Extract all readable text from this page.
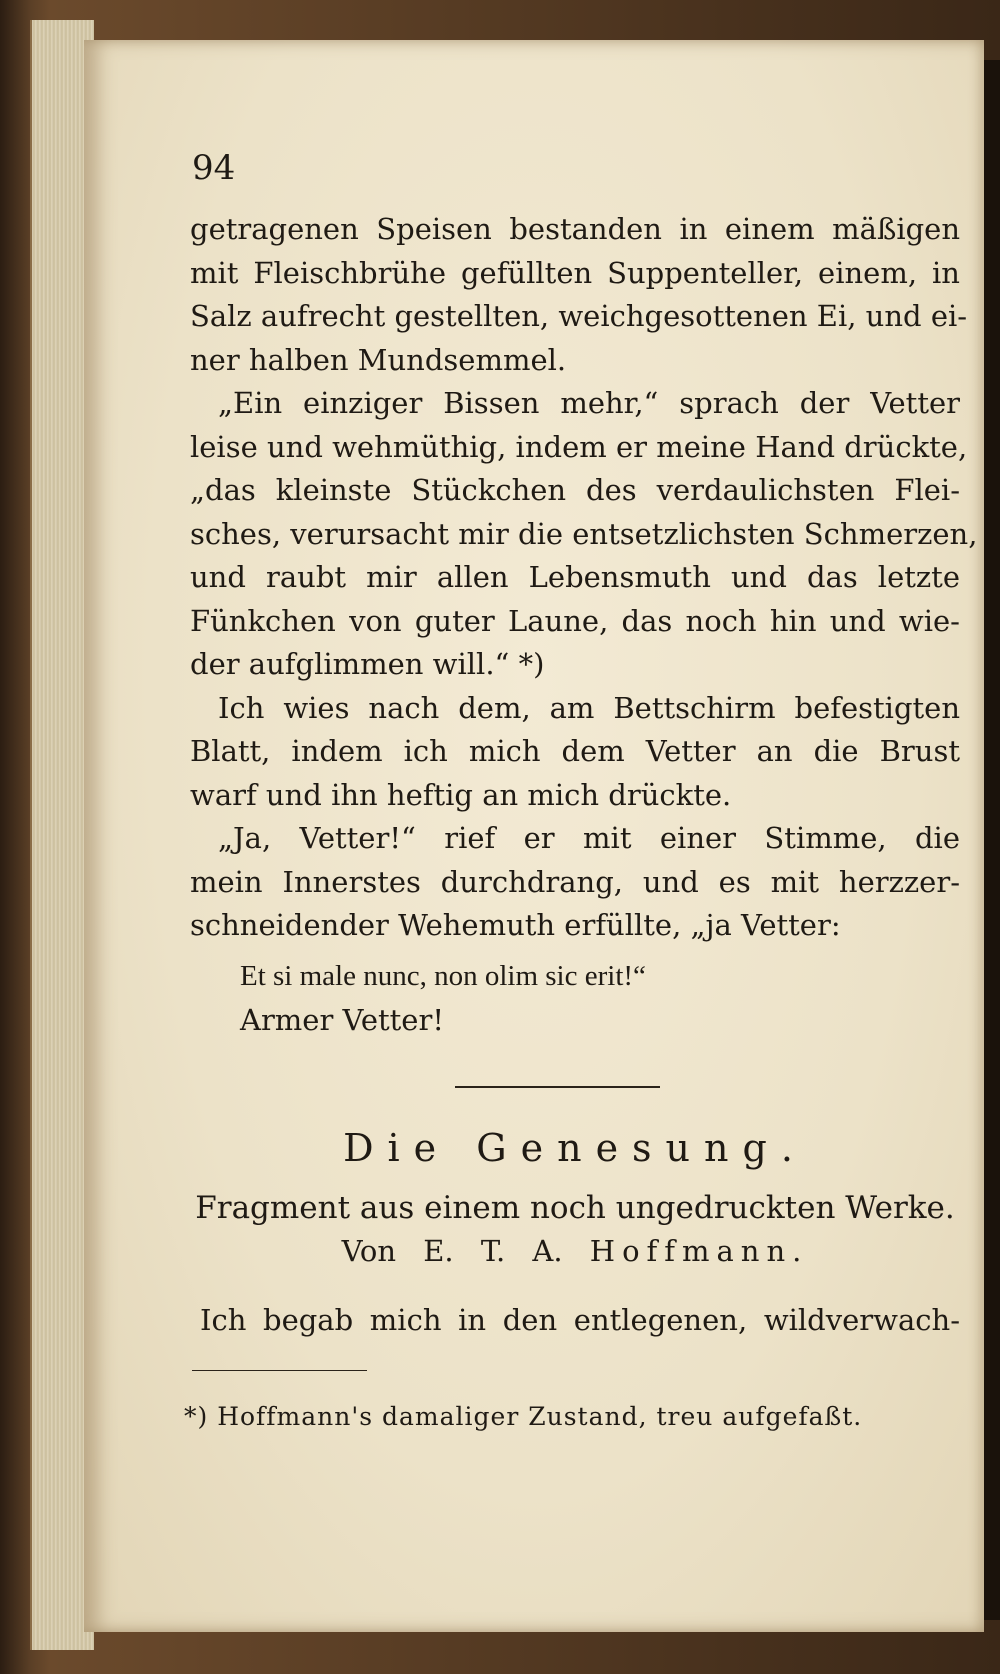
94
getragenen Speisen bestanden in einem mäßigen
mit Fleischbrühe gefüllten Suppenteller, einem, in
Salz aufrecht gestellten, weichgesottenen Ei, und ei-
ner halben Mundsemmel.
„Ein einziger Bissen mehr,“ sprach der Vetter
leise und wehmüthig, indem er meine Hand drückte,
„das kleinste Stückchen des verdaulichsten Flei-
sches, verursacht mir die entsetzlichsten Schmerzen,
und raubt mir allen Lebensmuth und das letzte
Fünkchen von guter Laune, das noch hin und wie-
der aufglimmen will.“ *)
Ich wies nach dem, am Bettschirm befestigten
Blatt, indem ich mich dem Vetter an die Brust
warf und ihn heftig an mich drückte.
„Ja, Vetter!“ rief er mit einer Stimme, die
mein Innerstes durchdrang, und es mit herzzer-
schneidender Wehemuth erfüllte, „ja Vetter:
Et si male nunc, non olim sic erit!“
Armer Vetter!
Die Genesung.
Fragment aus einem noch ungedruckten Werke.
Von E. T. A. Hoffmann.
Ich begab mich in den entlegenen, wildverwach-
*) Hoffmann's damaliger Zustand, treu aufgefaßt.
